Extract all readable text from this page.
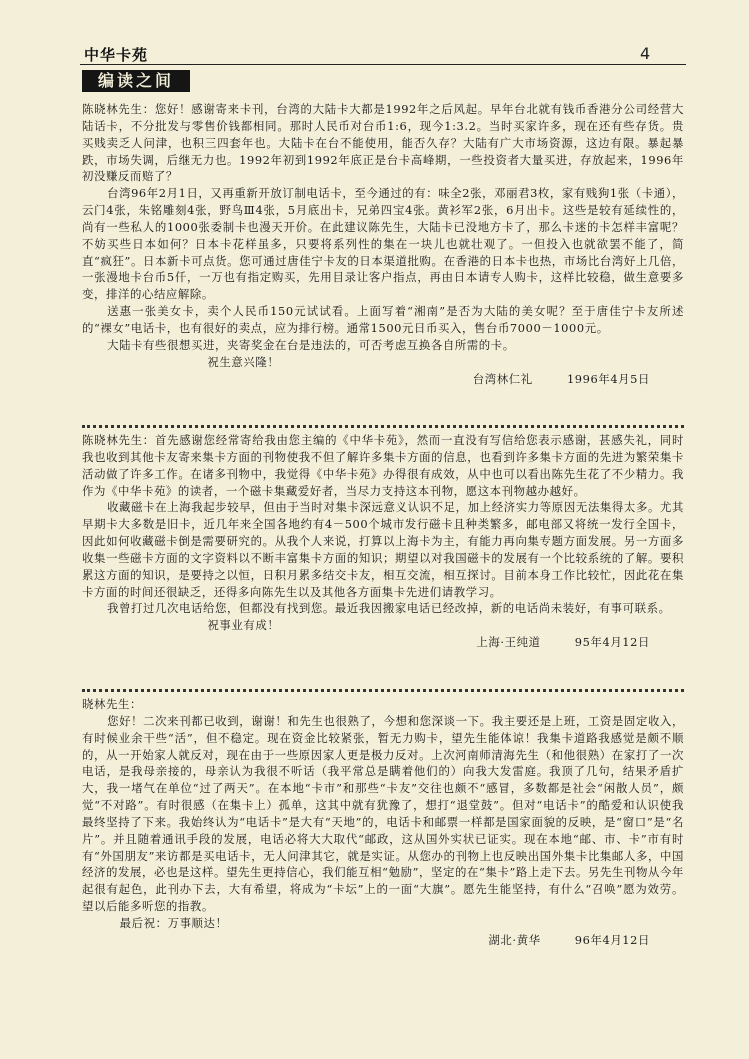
中华卡苑	4
编读之间

陈晓林先生：您好！感谢寄来卡刊，台湾的大陆卡大都是1992年之后风起。早年台北就有钱币香港分公司经营大陆话卡，不分批发与零售价钱都相同。那时人民币对台币1:6，现今1:3.2。当时买家许多，现在还有些存货。贵买贱卖乏人问津，也积三四套年也。大陆卡在台不能使用，能否久存？大陆有广大市场资源，这边有限。暴起暴跌，市场失调，后继无力也。1992年初到1992年底正是台卡高峰期，一些投资者大量买进，存放起来，1996年初没赚反而赔了？

台湾96年2月1日，又再重新开放订制电话卡，至今通过的有：味全2张，邓丽君3枚，家有贱狗1张（卡通），云门4张，朱铭雕刻4张，野鸟Ⅲ4张，5月底出卡，兄弟四宝4张。黄衫军2张，6月出卡。这些是较有延续性的，尚有一些私人的1000张委制卡也漫天开价。在此建议陈先生，大陆卡已没地方卡了，那么卡迷的卡怎样丰富呢？不妨买些日本如何？日本卡花样虽多，只要将系列性的集在一块儿也就壮观了。一但投入也就欲罢不能了，简直“疯狂”。日本新卡可点货。您可通过唐佳宁卡友的日本渠道批购。在香港的日本卡也热，市场比台湾好上几倍，一张漫地卡台币5仟，一万也有指定购买，先用目录让客户指点，再由日本请专人购卡，这样比较稳，做生意要多变，排洋的心结应解除。

送惠一张美女卡，卖个人民币150元试试看。上面写着“湘南”是否为大陆的美女呢？至于唐佳宁卡友所述的“裸女”电话卡，也有很好的卖点，应为排行榜。通常1500元日币买入，售台币7000－1000元。

大陆卡有些很想买进，夹寄奖金在台是违法的，可否考虑互换各自所需的卡。

祝生意兴隆！

台湾林仁礼	1996年4月5日

陈晓林先生：首先感谢您经常寄给我由您主编的《中华卡苑》，然而一直没有写信给您表示感谢，甚感失礼，同时我也收到其他卡友寄来集卡方面的刊物使我不但了解许多集卡方面的信息，也看到许多集卡方面的先进为繁荣集卡活动做了许多工作。在诸多刊物中，我觉得《中华卡苑》办得很有成效，从中也可以看出陈先生花了不少精力。我作为《中华卡苑》的读者，一个磁卡集藏爱好者，当尽力支持这本刊物，愿这本刊物越办越好。

收藏磁卡在上海我起步较早，但由于当时对集卡深远意义认识不足，加上经济实力等原因无法集得太多。尤其早期卡大多数是旧卡，近几年来全国各地约有4－500个城市发行磁卡且种类繁多，邮电部又将统一发行全国卡，因此如何收藏磁卡倒是需要研究的。从我个人来说，打算以上海卡为主，有能力再向集专题方面发展。另一方面多收集一些磁卡方面的文字资料以不断丰富集卡方面的知识；期望以对我国磁卡的发展有一个比较系统的了解。要积累这方面的知识，是要持之以恒，日积月累多结交卡友，相互交流，相互探讨。目前本身工作比较忙，因此花在集卡方面的时间还很缺乏，还得多向陈先生以及其他各方面集卡先进们请教学习。

我曾打过几次电话给您，但都没有找到您。最近我因搬家电话已经改掉，新的电话尚未装好，有事可联系。

祝事业有成！

上海·王纯道	95年4月12日

晓林先生：

您好！二次来刊都已收到，谢谢！和先生也很熟了，今想和您深谈一下。我主要还是上班，工资是固定收入，有时候业余干些“活”，但不稳定。现在资金比较紧张，暂无力购卡，望先生能体谅！我集卡道路我感觉是颇不顺的，从一开始家人就反对，现在由于一些原因家人更是极力反对。上次河南师清海先生（和他很熟）在家打了一次电话，是我母亲接的，母亲认为我很不听话（我平常总是瞒着他们的）向我大发雷庭。我顶了几句，结果矛盾扩大，我一堵气在单位“过了两天”。在本地“卡市”和那些“卡友”交往也颇不“感冒，多数都是社会“闲散人员”，颇觉“不对路”。有时很感（在集卡上）孤单，这其中就有犹豫了，想打“退堂鼓”。但对“电话卡”的酷爱和认识使我最终坚持了下来。我始终认为“电话卡”是大有“天地”的，电话卡和邮票一样都是国家面貌的反映，是“窗口”是“名片”。并且随着通讯手段的发展，电话必将大大取代“邮政，这从国外实状已证实。现在本地“邮、市、卡”市有时有“外国朋友”来访都是买电话卡，无人问津其它，就是实证。从您办的刊物上也反映出国外集卡比集邮人多，中国经济的发展，必也是这样。望先生更持信心，我们能互相“勉励”，坚定的在“集卡”路上走下去。另先生刊物从今年起很有起色，此刊办下去，大有希望，将成为“卡坛”上的一面“大旗”。愿先生能坚持，有什么“召唤”愿为效劳。望以后能多听您的指教。

最后祝：万事顺达！

湖北·黄华	96年4月12日
